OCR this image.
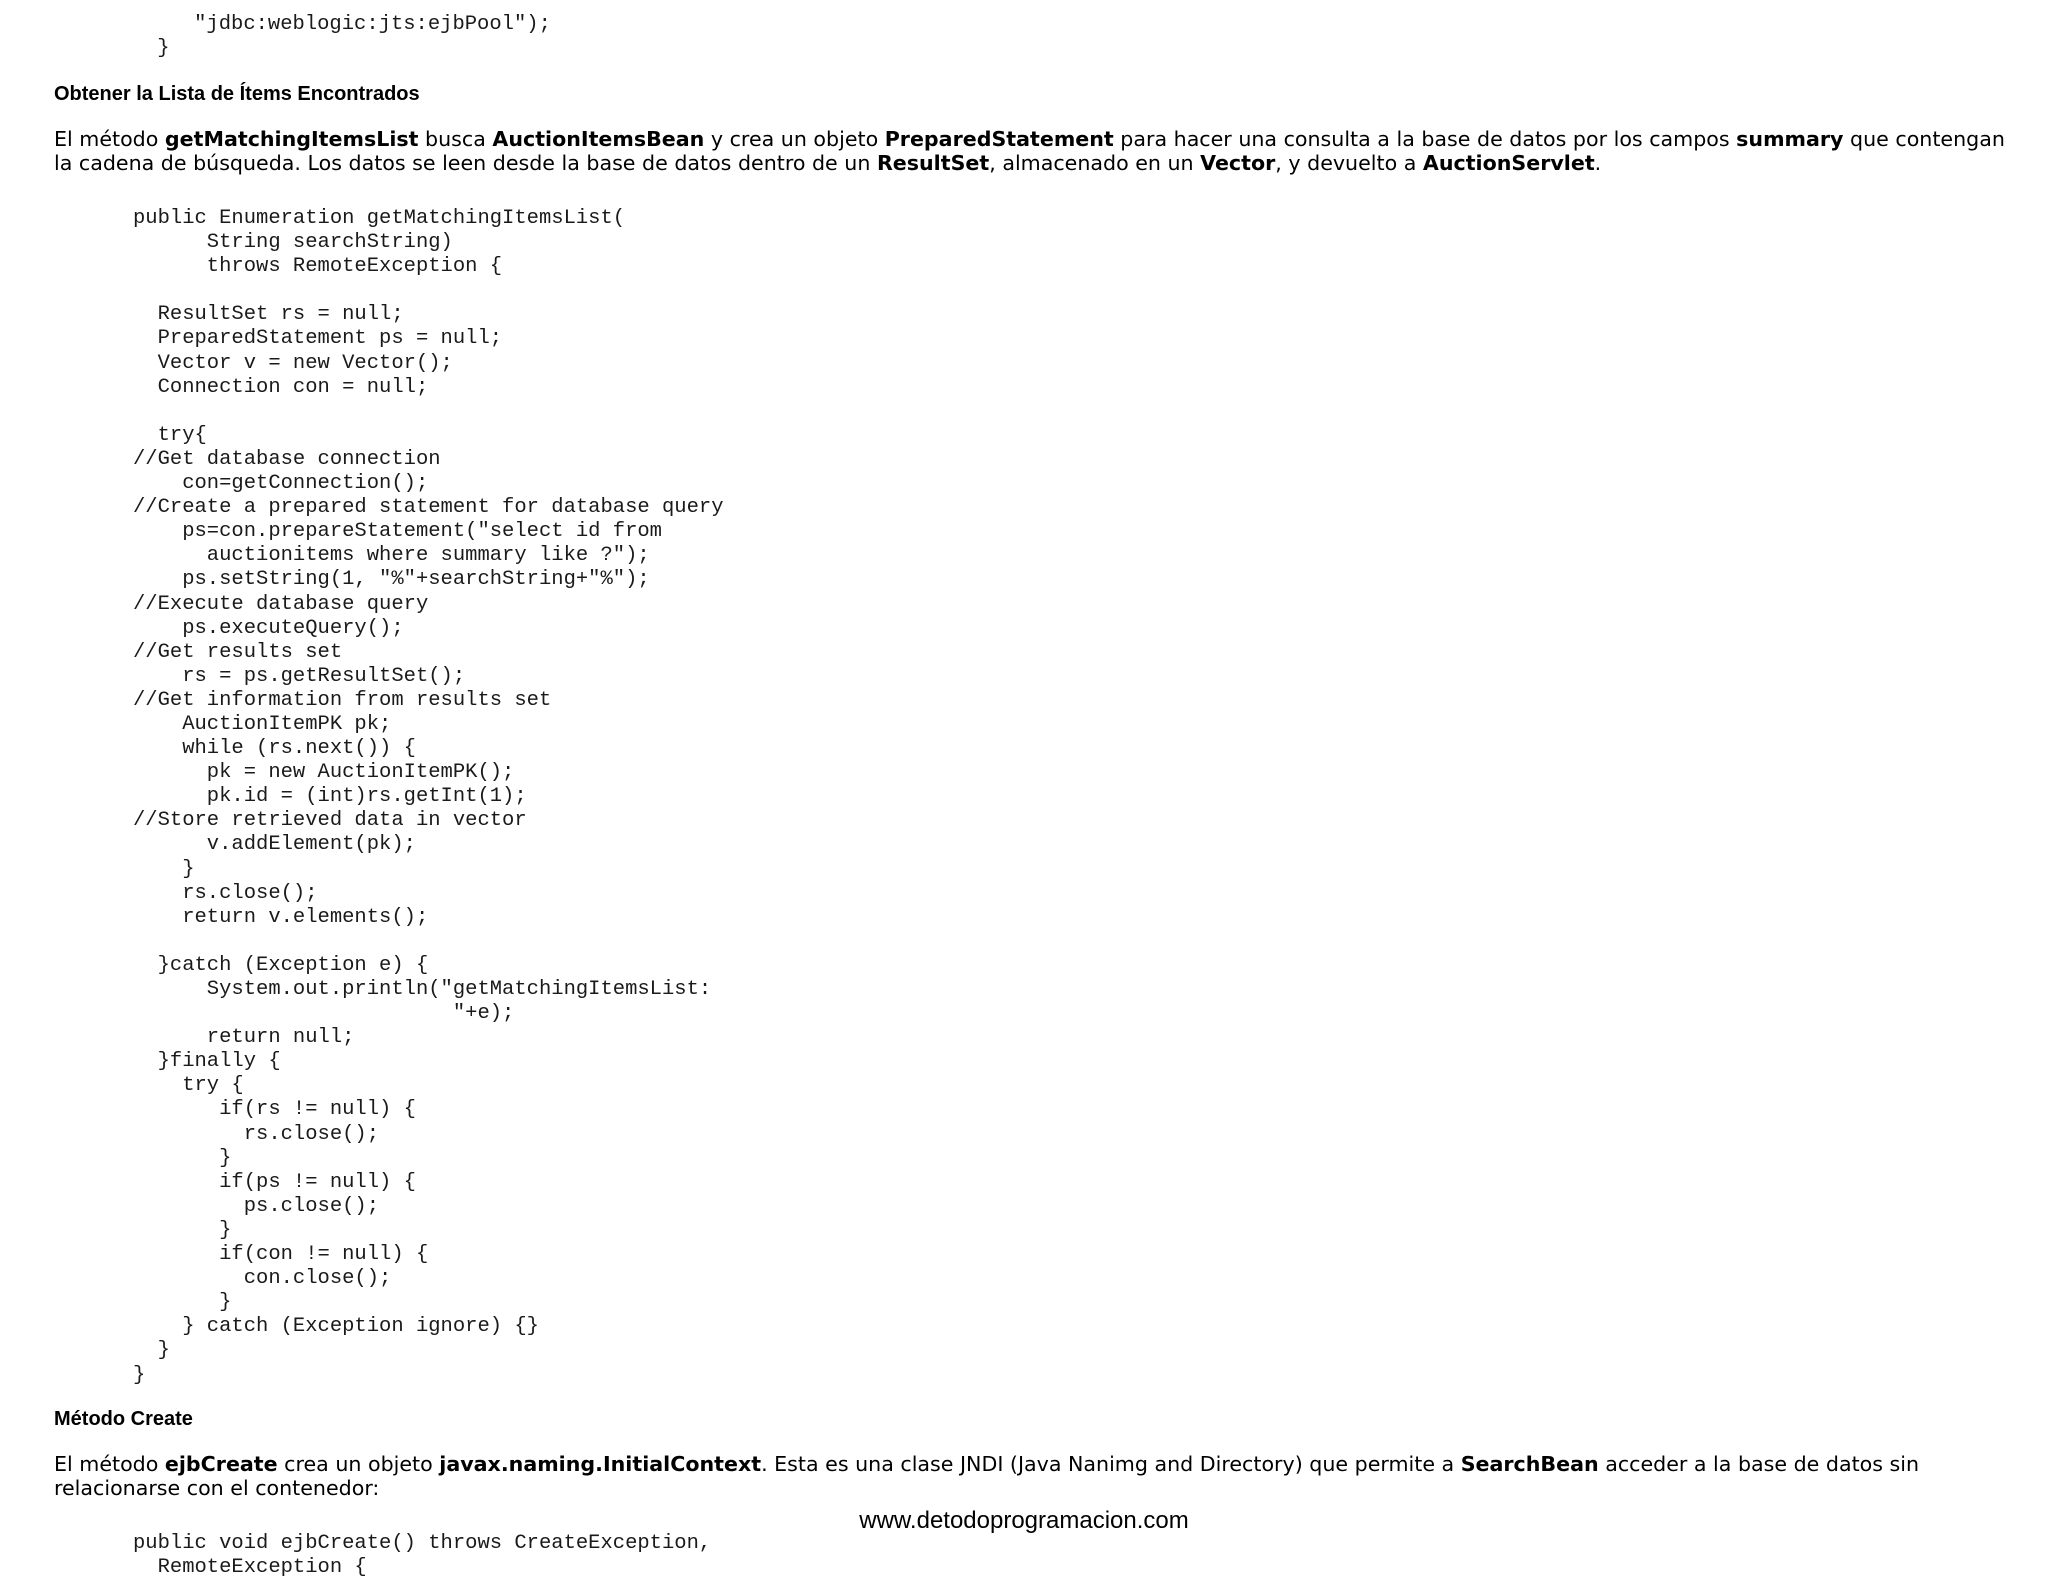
"jdbc:weblogic:jts:ejbPool");
}
Obtener la Lista de Ítems Encontrados

El método getMatchingItemsList busca AuctionItemsBean y crea un objeto PreparedStatement para hacer una consulta a la base de datos por los campos summary que contengan la cadena de búsqueda. Los datos se leen desde la base de datos dentro de un ResultSet, almacenado en un Vector, y devuelto a AuctionServlet.

public Enumeration getMatchingItemsList(
String searchString)
throws RemoteException {

ResultSet rs = null;
PreparedStatement ps = null;
Vector v = new Vector();
Connection con = null;

try{
//Get database connection
con=getConnection();
//Create a prepared statement for database query
ps=con.prepareStatement("select id from
auctionitems where summary like ?");
ps.setString(1, "%"+searchString+"%");
//Execute database query
ps.executeQuery();
//Get results set
rs = ps.getResultSet();
//Get information from results set
AuctionItemPK pk;
while (rs.next()) {
pk = new AuctionItemPK();
pk.id = (int)rs.getInt(1);
//Store retrieved data in vector
v.addElement(pk);
}
rs.close();
return v.elements();

}catch (Exception e) {
System.out.println("getMatchingItemsList:
"+e);
return null;
}finally {
try {
if(rs != null) {
rs.close();
}
if(ps != null) {
ps.close();
}
if(con != null) {
con.close();
}
} catch (Exception ignore) {}
}
}
Método Create

El método ejbCreate crea un objeto javax.naming.InitialContext. Esta es una clase JNDI (Java Nanimg and Directory) que permite a SearchBean acceder a la base de datos sin relacionarse con el contenedor:

www.detodoprogramacion.com
public void ejbCreate() throws CreateException,
RemoteException {
